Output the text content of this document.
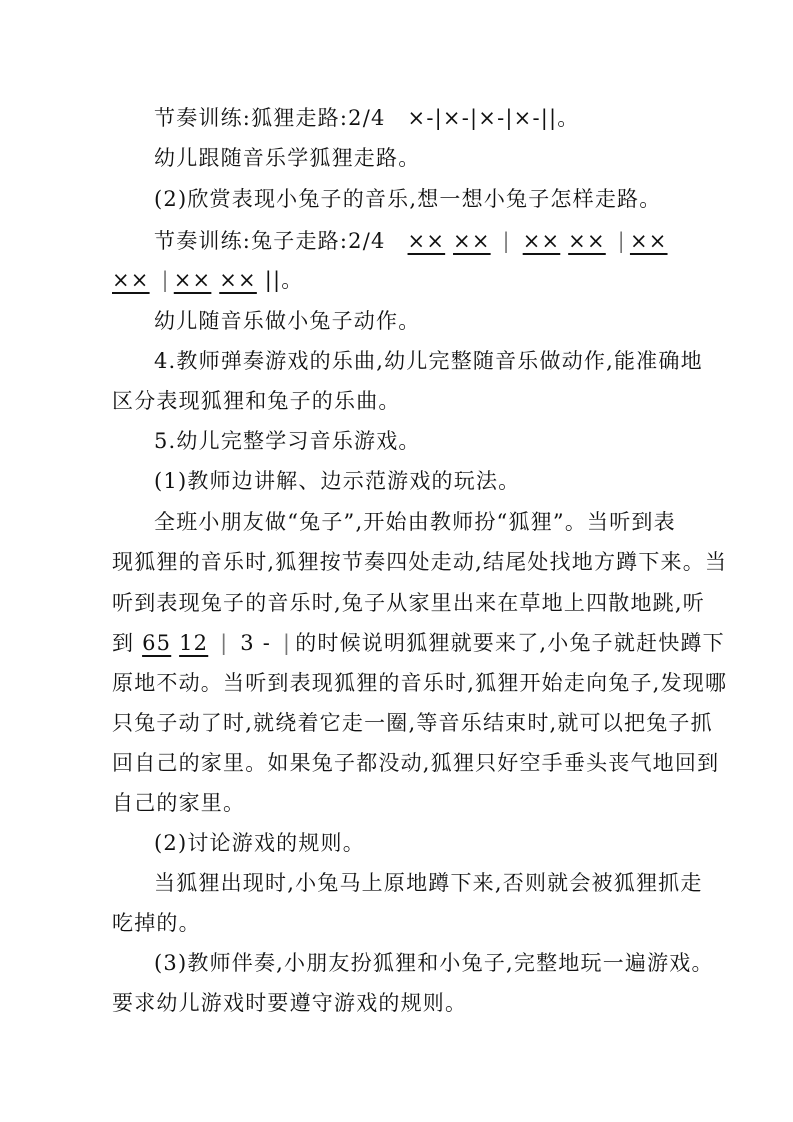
节奏训练:狐狸走路:2/4 ×-|×-|×-|×-||。
幼儿跟随音乐学狐狸走路。
(2)欣赏表现小兔子的音乐,想一想小兔子怎样走路。
节奏训练:兔子走路:2/4 ×× ×× | ×× ×× | ××
×× | ×× ×× ||。
幼儿随音乐做小兔子动作。
4.教师弹奏游戏的乐曲,幼儿完整随音乐做动作,能准确地
区分表现狐狸和兔子的乐曲。
5.幼儿完整学习音乐游戏。
(1)教师边讲解、边示范游戏的玩法。
全班小朋友做“兔子”,开始由教师扮“狐狸”。当听到表
现狐狸的音乐时,狐狸按节奏四处走动,结尾处找地方蹲下来。当
听到表现兔子的音乐时,兔子从家里出来在草地上四散地跳,听
到 65 12 | 3 - | 的时候说明狐狸就要来了,小兔子就赶快蹲下
原地不动。当听到表现狐狸的音乐时,狐狸开始走向兔子,发现哪
只兔子动了时,就绕着它走一圈,等音乐结束时,就可以把兔子抓
回自己的家里。如果兔子都没动,狐狸只好空手垂头丧气地回到
自己的家里。
(2)讨论游戏的规则。
当狐狸出现时,小兔马上原地蹲下来,否则就会被狐狸抓走
吃掉的。
(3)教师伴奏,小朋友扮狐狸和小兔子,完整地玩一遍游戏。
要求幼儿游戏时要遵守游戏的规则。
